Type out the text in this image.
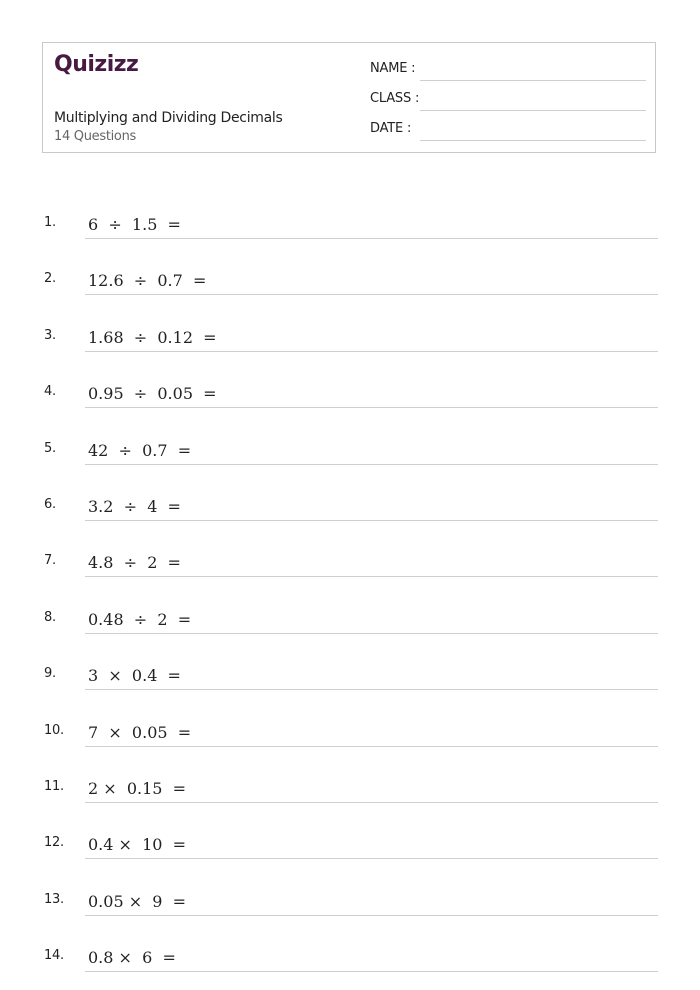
Quizizz
Multiplying and Dividing Decimals
14 Questions
NAME :
CLASS :
DATE :
1. 6  ÷  1.5  =
2. 12.6  ÷  0.7  =
3. 1.68  ÷  0.12  =
4. 0.95  ÷  0.05  =
5. 42  ÷  0.7  =
6. 3.2  ÷  4  =
7. 4.8  ÷  2  =
8. 0.48  ÷  2  =
9. 3  ×  0.4  =
10. 7  ×  0.05  =
11. 2 ×  0.15  =
12. 0.4 ×  10  =
13. 0.05 ×  9  =
14. 0.8 ×  6  =
